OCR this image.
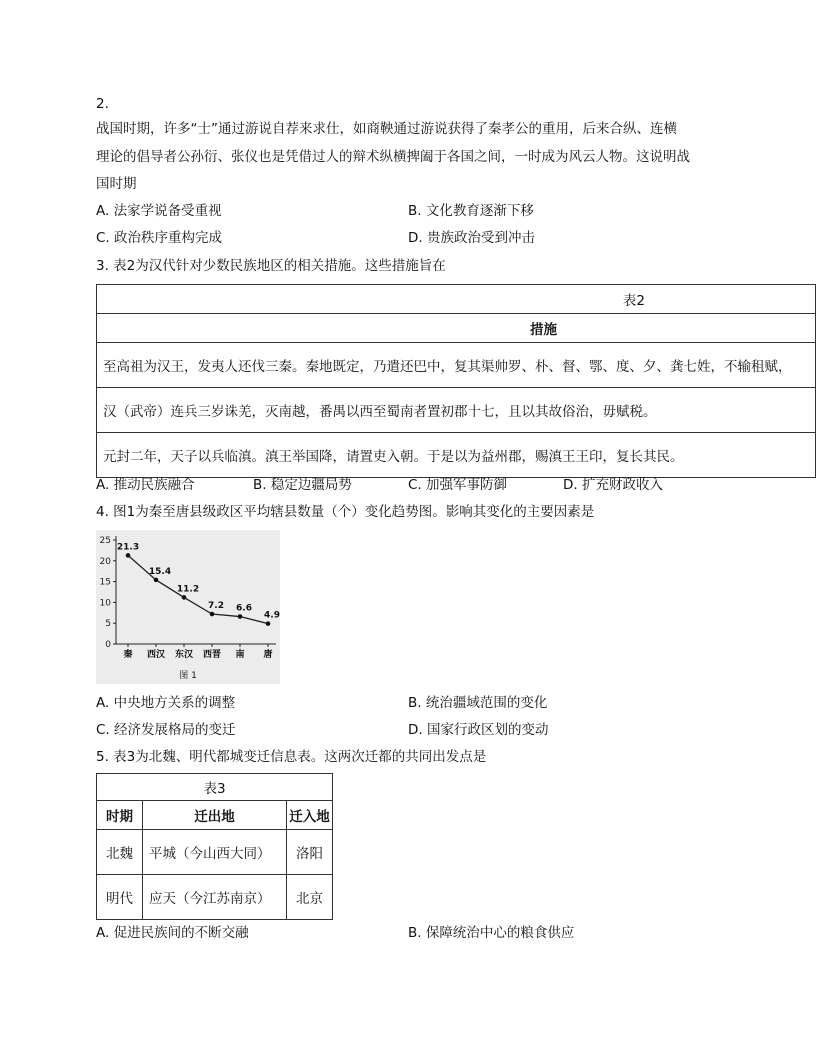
2.
战国时期，许多“士”通过游说自荐来求仕，如商鞅通过游说获得了秦孝公的重用，后来合纵、连横
理论的倡导者公孙衍、张仪也是凭借过人的辩术纵横捭阖于各国之间，一时成为风云人物。这说明战
国时期
A. 法家学说备受重视	B. 文化教育逐渐下移
C. 政治秩序重构完成	D. 贵族政治受到冲击
3. 表2为汉代针对少数民族地区的相关措施。这些措施旨在
表2
措施
至高祖为汉王，发夷人还伐三秦。秦地既定，乃遣还巴中，复其渠帅罗、朴、督、鄂、度、夕、龚七姓，不输租赋，
汉（武帝）连兵三岁诛羌，灭南越，番禺以西至蜀南者置初郡十七，且以其故俗治，毋赋税。
元封二年，天子以兵临滇。滇王举国降，请置吏入朝。于是以为益州郡，赐滇王王印，复长其民。
A. 推动民族融合	B. 稳定边疆局势	C. 加强军事防御	D. 扩充财政收入
4. 图1为秦至唐县级政区平均辖县数量（个）变化趋势图。影响其变化的主要因素是
0
5
10
15
20
25
21.3
秦
15.4
西汉
11.2
东汉
7.2
西晋
6.6
南
4.9
唐
图 1
A. 中央地方关系的调整	B. 统治疆域范围的变化
C. 经济发展格局的变迁	D. 国家行政区划的变动
5. 表3为北魏、明代都城变迁信息表。这两次迁都的共同出发点是
表3		
时期	迁出地	迁入地
北魏	平城（今山西大同）	洛阳
明代	应天（今江苏南京）	北京
A. 促进民族间的不断交融	B. 保障统治中心的粮食供应
